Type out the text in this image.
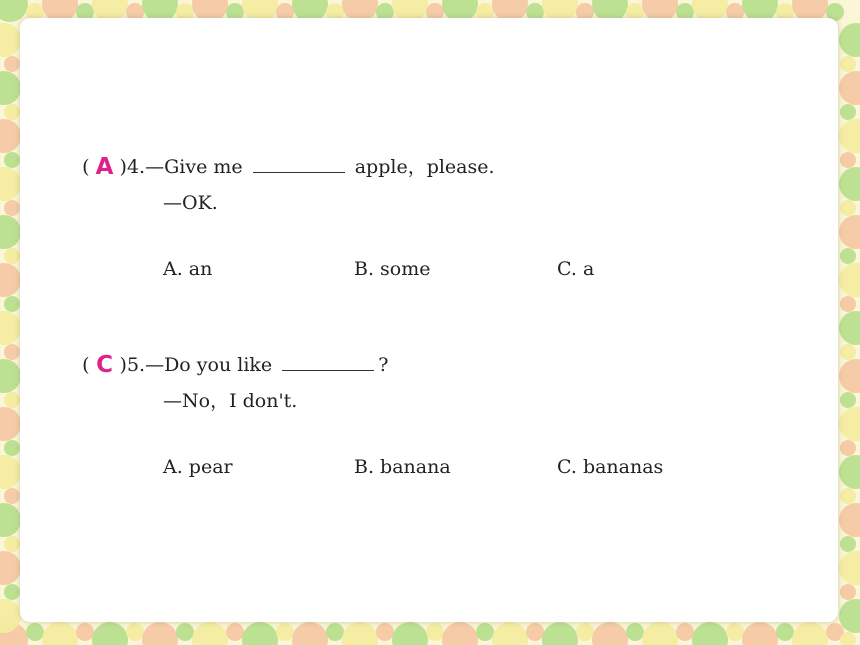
( A )4.—Give me	apple，please.

—OK.
A. an	B. some	C. a

( C )5.—Do you like	?

—No，I don't.
A. pear	B. banana	C. bananas
